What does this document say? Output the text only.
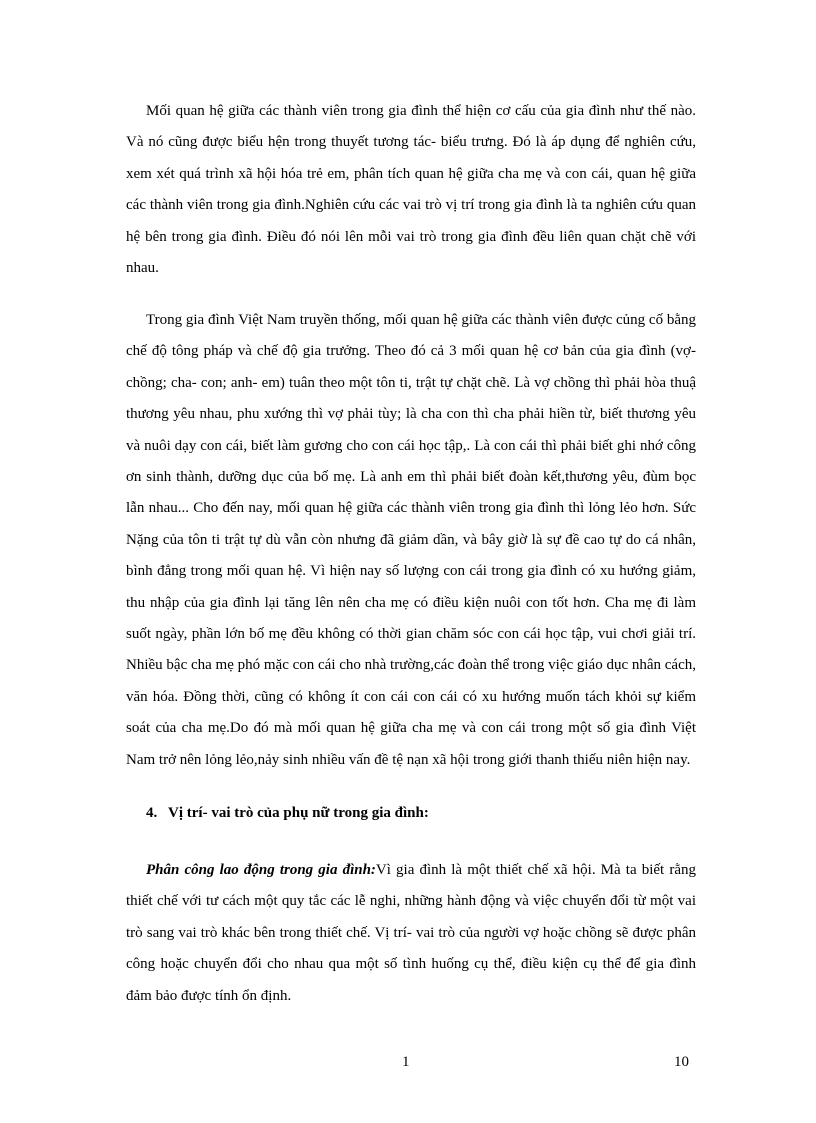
Mối quan hệ giữa các thành viên trong gia đình thể hiện cơ cấu của gia đình như thế nào. Và nó cũng được biểu hện trong thuyết tương tác- biểu trưng. Đó là áp dụng để nghiên cứu, xem xét quá trình xã hội hóa trẻ em, phân tích quan hệ giữa cha mẹ và con cái, quan hệ giữa các thành viên trong gia đình.Nghiên cứu các vai trò vị trí trong gia đình là ta nghiên cứu quan hệ bên trong gia đình. Điều đó nói lên mỗi vai trò trong gia đình đều liên quan chặt chẽ với nhau.

Trong gia đình Việt Nam truyền thống, mối quan hệ giữa các thành viên được củng cố bằng chế độ tông pháp và chế độ gia trưởng. Theo đó cả 3 mối quan hệ cơ bản của gia đình (vợ- chồng; cha- con; anh- em) tuân theo một tôn ti, trật tự chặt chẽ. Là vợ chồng thì phải hòa thuậ thương yêu nhau, phu xướng thì vợ phải tùy; là cha con thì cha phải hiền từ, biết thương yêu và nuôi dạy con cái, biết làm gương cho con cái học tập,. Là con cái thì phải biết ghi nhớ công ơn sinh thành, dưỡng dục của bố mẹ. Là anh em thì phải biết đoàn kết,thương yêu, đùm bọc lẫn nhau... Cho đến nay, mối quan hệ giữa các thành viên trong gia đình thì lỏng lẻo hơn. Sức Nặng của tôn ti trật tự dù vẫn còn nhưng đã giảm dần, và bây giờ là sự đề cao tự do cá nhân, bình đẳng trong mối quan hệ. Vì hiện nay số lượng con cái trong gia đình có xu hướng giảm, thu nhập của gia đình lại tăng lên nên cha mẹ có điều kiện nuôi con tốt hơn. Cha mẹ đi làm suốt ngày, phần lớn bố mẹ đều không có thời gian chăm sóc con cái học tập, vui chơi giải trí. Nhiều bậc cha mẹ phó mặc con cái cho nhà trường,các đoàn thể trong việc giáo dục nhân cách, văn hóa. Đồng thời, cũng có không ít con cái con cái có xu hướng muốn tách khỏi sự kiểm soát của cha mẹ.Do đó mà mối quan hệ giữa cha mẹ và con cái trong một số gia đình Việt Nam trở nên lỏng lẻo,nảy sinh nhiều vấn đề tệ nạn xã hội trong giới thanh thiếu niên hiện nay.

4. Vị trí- vai trò của phụ nữ trong gia đình:

Phân công lao động trong gia đình:Vì gia đình là một thiết chế xã hội. Mà ta biết rằng thiết chế với tư cách một quy tắc các lễ nghi, những hành động và việc chuyển đổi từ một vai trò sang vai trò khác bên trong thiết chế. Vị trí- vai trò của người vợ hoặc chồng sẽ được phân công hoặc chuyển đổi cho nhau qua một số tình huống cụ thể, điều kiện cụ thể để gia đình đảm bảo được tính ổn định.

1	10
